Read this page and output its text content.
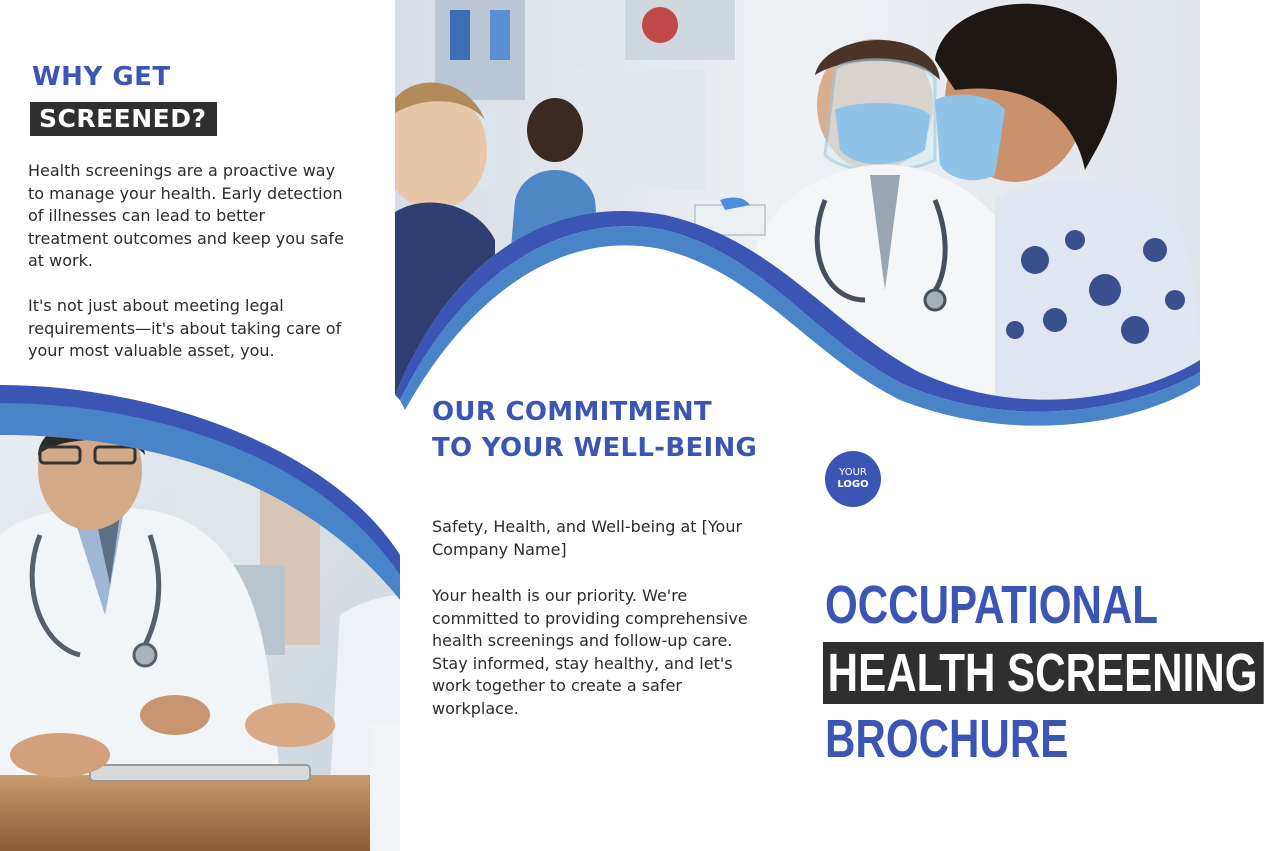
WHY GET
SCREENED?

Health screenings are a proactive way to manage your health. Early detection of illnesses can lead to better treatment outcomes and keep you safe at work.

It's not just about meeting legal requirements—it's about taking care of your most valuable asset, you.

OUR COMMITMENT
TO YOUR WELL-BEING

Safety, Health, and Well-being at [Your Company Name]

Your health is our priority. We're committed to providing comprehensive health screenings and follow-up care. Stay informed, stay healthy, and let's work together to create a safer workplace.

YOUR
LOGO
OCCUPATIONAL
HEALTH SCREENING
BROCHURE
